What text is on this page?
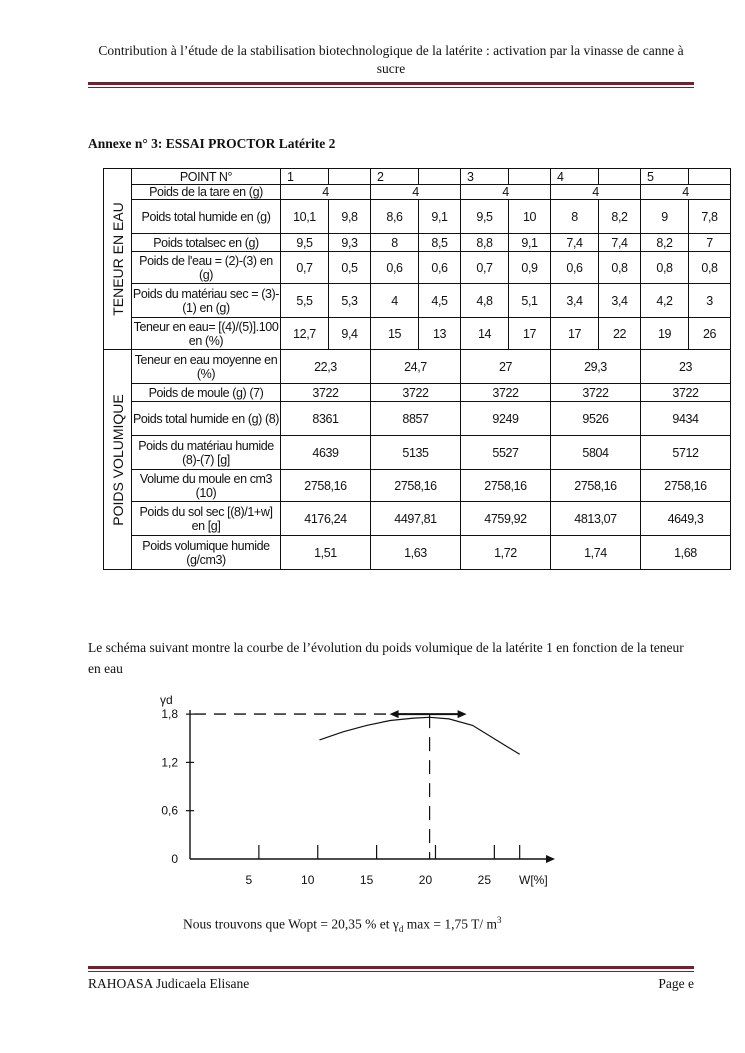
Contribution à l’étude de la stabilisation biotechnologique de la latérite : activation par la vinasse de canne à sucre
Annexe n° 3: ESSAI PROCTOR Latérite 2
TENEUR EN EAU	POINT N°	1		2		3		4		5	
	Poids de la tare en (g)	4		4		4		4		4	
	Poids total humide en (g)	10,1	9,8	8,6	9,1	9,5	10	8	8,2	9	7,8
	Poids totalsec en (g)	9,5	9,3	8	8,5	8,8	9,1	7,4	7,4	8,2	7
	Poids de l'eau = (2)-(3) en (g)	0,7	0,5	0,6	0,6	0,7	0,9	0,6	0,8	0,8	0,8
	Poids du matériau sec = (3)-(1) en (g)	5,5	5,3	4	4,5	4,8	5,1	3,4	3,4	4,2	3
	Teneur en eau= [(4)/(5)].100 en (%)	12,7	9,4	15	13	14	17	17	22	19	26

POIDS VOLUMIQUE	Teneur en eau moyenne en (%)	22,3		24,7		27		29,3		23	
	Poids de moule (g) (7)	3722		3722		3722		3722		3722	
	Poids total humide en (g) (8)	8361		8857		9249		9526		9434	
	Poids du matériau humide (8)-(7) [g]	4639		5135		5527		5804		5712	
	Volume du moule en cm3 (10)	2758,16		2758,16		2758,16		2758,16		2758,16	
	Poids du sol sec [(8)/1+w] en [g]	4176,24		4497,81		4759,92		4813,07		4649,3	
	Poids volumique humide (g/cm3)	1,51		1,63		1,72		1,74		1,68	
Le schéma suivant montre la courbe de l’évolution du poids volumique de la latérite 1 en fonction de la teneur en eau
0
0,6
1,2
1,8
γd
5	10	15	20	25 W[%]
Nous trouvons que Wopt = 20,35 % et $\gamma_d$ max = 1,75 T/ $m^3$
RAHOASA Judicaela Elisane	Page e
